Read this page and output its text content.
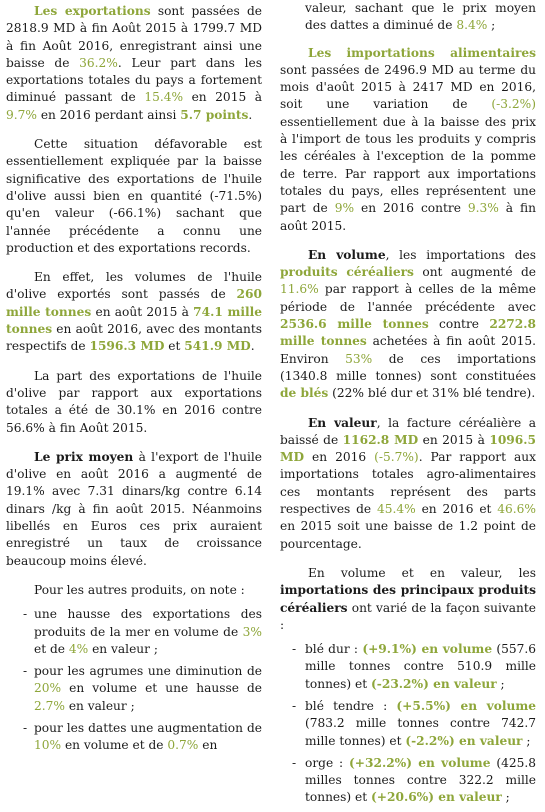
Les exportations sont passées de 2818.9 MD à fin Août 2015 à 1799.7 MD à fin Août 2016, enregistrant ainsi une baisse de 36.2%. Leur part dans les exportations totales du pays a fortement diminué passant de 15.4% en 2015 à 9.7% en 2016 perdant ainsi 5.7 points.

Cette situation défavorable est essentiellement expliquée par la baisse significative des exportations de l'huile d'olive aussi bien en quantité (-71.5%) qu'en valeur (-66.1%) sachant que l'année précédente a connu une production et des exportations records.

En effet, les volumes de l'huile d'olive exportés sont passés de 260 mille tonnes en août 2015 à 74.1 mille tonnes en août 2016, avec des montants respectifs de 1596.3 MD et 541.9 MD.

La part des exportations de l'huile d'olive par rapport aux exportations totales a été de 30.1% en 2016 contre 56.6% à fin Août 2015.

Le prix moyen à l'export de l'huile d'olive en août 2016 a augmenté de 19.1% avec 7.31 dinars/kg contre 6.14 dinars /kg à fin août 2015. Néanmoins libellés en Euros ces prix auraient enregistré un taux de croissance beaucoup moins élevé.

Pour les autres produits, on note :

- une hausse des exportations des produits de la mer en volume de 3% et de 4% en valeur ;
- pour les agrumes une diminution de 20% en volume et une hausse de 2.7% en valeur ;
- pour les dattes une augmentation de 10% en volume et de 0.7% en

valeur, sachant que le prix moyen des dattes a diminué de 8.4% ;

Les importations alimentaires sont passées de 2496.9 MD au terme du mois d'août 2015 à 2417 MD en 2016, soit une variation de (-3.2%) essentiellement due à la baisse des prix à l'import de tous les produits y compris les céréales à l'exception de la pomme de terre. Par rapport aux importations totales du pays, elles représentent une part de 9% en 2016 contre 9.3% à fin août 2015.

En volume, les importations des produits céréaliers ont augmenté de 11.6% par rapport à celles de la même période de l'année précédente avec 2536.6 mille tonnes contre 2272.8 mille tonnes achetées à fin août 2015. Environ 53% de ces importations (1340.8 mille tonnes) sont constituées de blés (22% blé dur et 31% blé tendre).

En valeur, la facture céréalière a baissé de 1162.8 MD en 2015 à 1096.5 MD en 2016 (-5.7%). Par rapport aux importations totales agro-alimentaires ces montants représent des parts respectives de 45.4% en 2016 et 46.6% en 2015 soit une baisse de 1.2 point de pourcentage.

En volume et en valeur, les importations des principaux produits céréaliers ont varié de la façon suivante :

- blé dur : (+9.1%) en volume (557.6 mille tonnes contre 510.9 mille tonnes) et (-23.2%) en valeur ;
- blé tendre : (+5.5%) en volume (783.2 mille tonnes contre 742.7 mille tonnes) et (-2.2%) en valeur ;
- orge : (+32.2%) en volume (425.8 milles tonnes contre 322.2 mille tonnes) et (+20.6%) en valeur ;
